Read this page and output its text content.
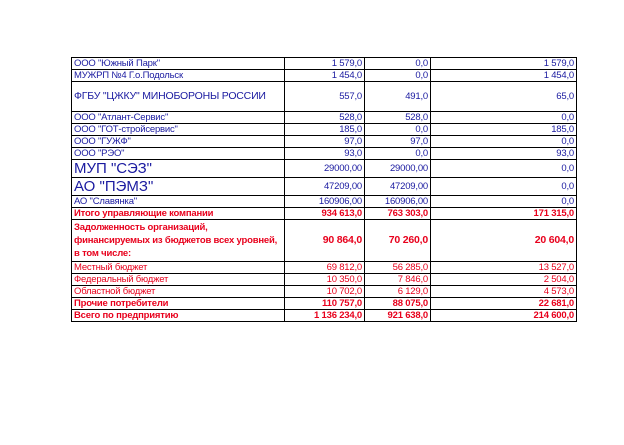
ООО "Южный Парк"	1 579,0	0,0	1 579,0
МУЖРП №4 Г.о.Подольск	1 454,0	0,0	1 454,0
ФГБУ "ЦЖКУ" МИНОБОРОНЫ РОССИИ	557,0	491,0	65,0
ООО "Атлант-Сервис"	528,0	528,0	0,0
ООО "ГОТ-стройсервис"	185,0	0,0	185,0
ООО "ГУЖФ"	97,0	97,0	0,0
ООО "РЭО"	93,0	0,0	93,0
МУП "СЭЗ"	29000,00	29000,00	0,0
АО "ПЭМЗ"	47209,00	47209,00	0,0
АО "Славянка"	160906,00	160906,00	0,0
Итого управляющие компании	934 613,0	763 303,0	171 315,0
Задолженность организаций, финансируемых из бюджетов всех уровней, в том числе:	90 864,0	70 260,0	20 604,0
Местный бюджет	69 812,0	56 285,0	13 527,0
Федеральный бюджет	10 350,0	7 846,0	2 504,0
Областной бюджет	10 702,0	6 129,0	4 573,0
Прочие потребители	110 757,0	88 075,0	22 681,0
Всего по предприятию	1 136 234,0	921 638,0	214 600,0
